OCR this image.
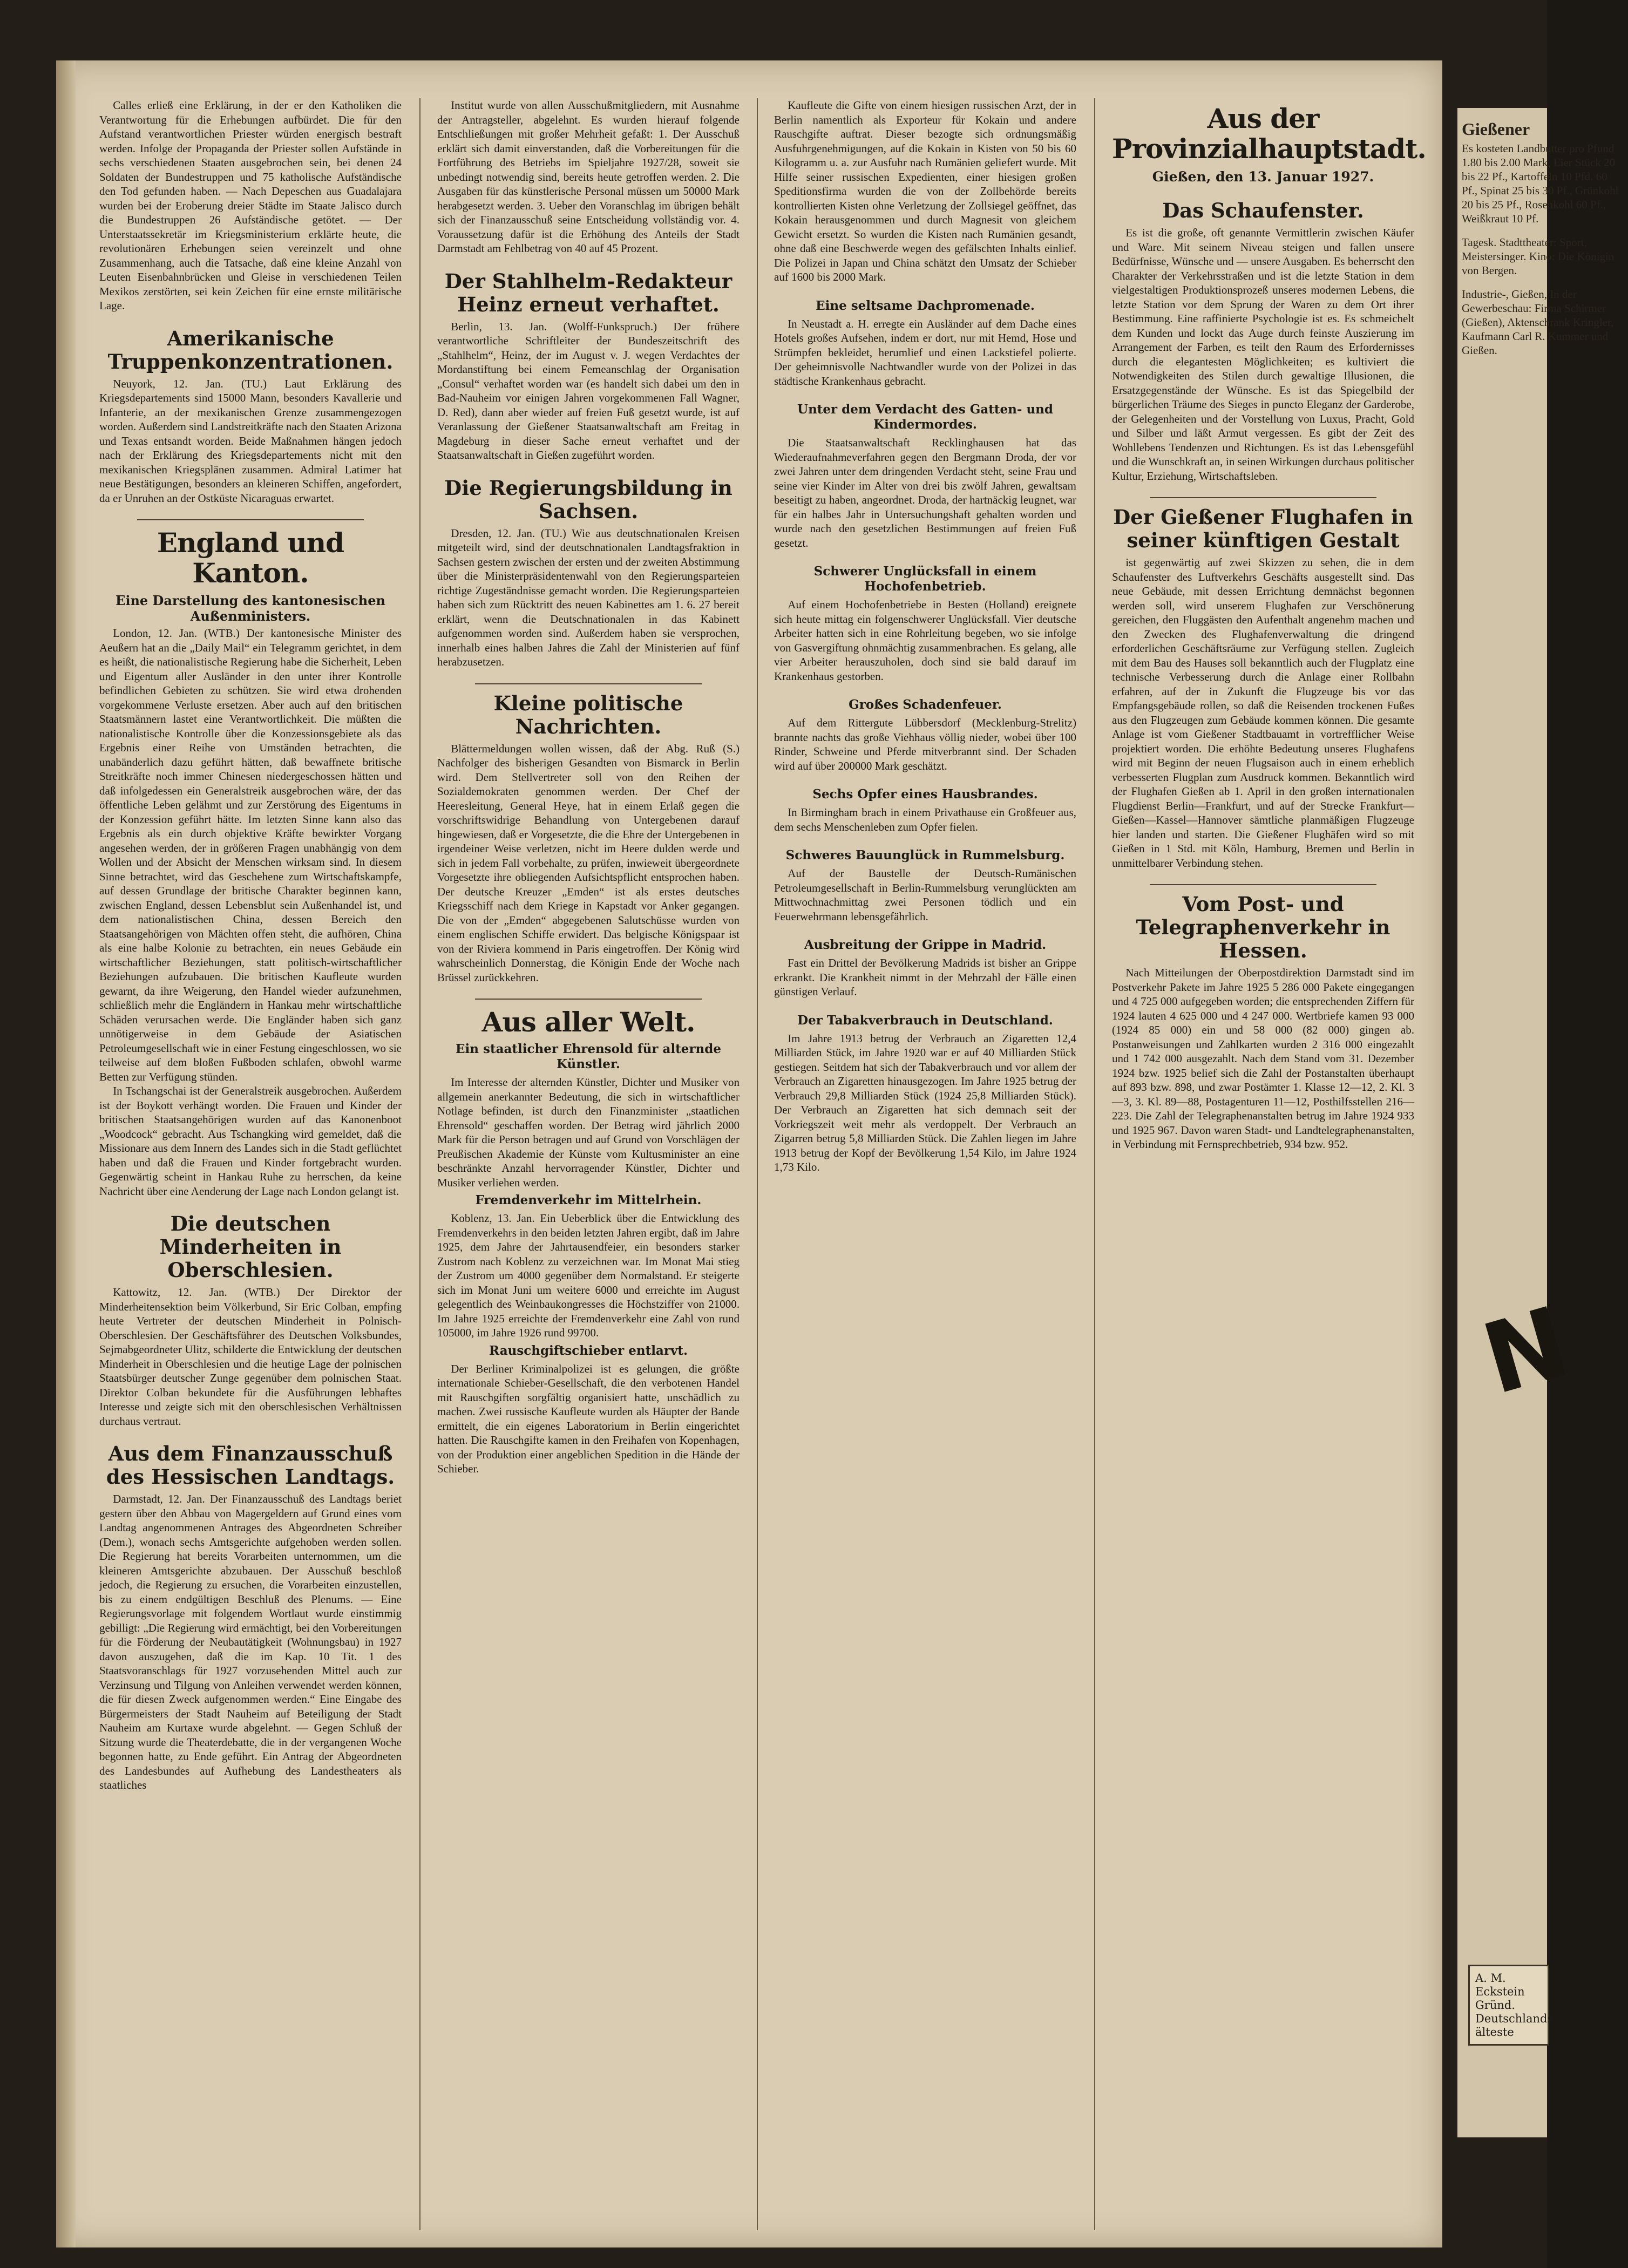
Calles erließ eine Erklärung, in der er den Katholiken die Verantwortung für die Erhebungen aufbürdet. Die für den Aufstand verantwortlichen Priester würden energisch bestraft werden. Infolge der Propaganda der Priester sollen Aufstände in sechs verschiedenen Staaten ausgebrochen sein, bei denen 24 Soldaten der Bundestruppen und 75 katholische Aufständische den Tod gefunden haben. — Nach Depeschen aus Guadalajara wurden bei der Eroberung dreier Städte im Staate Jalisco durch die Bundestruppen 26 Aufständische getötet. — Der Unterstaatssekretär im Kriegsministerium erklärte heute, die revolutionären Erhebungen seien vereinzelt und ohne Zusammenhang, auch die Tatsache, daß eine kleine Anzahl von Leuten Eisenbahnbrücken und Gleise in verschiedenen Teilen Mexikos zerstörten, sei kein Zeichen für eine ernste militärische Lage.

Amerikanische Truppenkonzentrationen.

Neuyork, 12. Jan. (TU.) Laut Erklärung des Kriegsdepartements sind 15000 Mann, besonders Kavallerie und Infanterie, an der mexikanischen Grenze zusammengezogen worden. Außerdem sind Landstreitkräfte nach den Staaten Arizona und Texas entsandt worden. Beide Maßnahmen hängen jedoch nach der Erklärung des Kriegsdepartements nicht mit den mexikanischen Kriegsplänen zusammen. Admiral Latimer hat neue Bestätigungen, besonders an kleineren Schiffen, angefordert, da er Unruhen an der Ostküste Nicaraguas erwartet.

England und Kanton.
Eine Darstellung des kantonesischen Außenministers.

London, 12. Jan. (WTB.) Der kantonesische Minister des Aeußern hat an die „Daily Mail“ ein Telegramm gerichtet, in dem es heißt, die nationalistische Regierung habe die Sicherheit, Leben und Eigentum aller Ausländer in den unter ihrer Kontrolle befindlichen Gebieten zu schützen. Sie wird etwa drohenden vorgekommene Verluste ersetzen. Aber auch auf den britischen Staatsmännern lastet eine Verantwortlichkeit. Die müßten die nationalistische Kontrolle über die Konzessionsgebiete als das Ergebnis einer Reihe von Umständen betrachten, die unabänderlich dazu geführt hätten, daß bewaffnete britische Streitkräfte noch immer Chinesen niedergeschossen hätten und daß infolgedessen ein Generalstreik ausgebrochen wäre, der das öffentliche Leben gelähmt und zur Zerstörung des Eigentums in der Konzession geführt hätte. Im letzten Sinne kann also das Ergebnis als ein durch objektive Kräfte bewirkter Vorgang angesehen werden, der in größeren Fragen unabhängig von dem Wollen und der Absicht der Menschen wirksam sind. In diesem Sinne betrachtet, wird das Geschehene zum Wirtschaftskampfe, auf dessen Grundlage der britische Charakter beginnen kann, zwischen England, dessen Lebensblut sein Außenhandel ist, und dem nationalistischen China, dessen Bereich den Staatsangehörigen von Mächten offen steht, die aufhören, China als eine halbe Kolonie zu betrachten, ein neues Gebäude ein wirtschaftlicher Beziehungen, statt politisch-wirtschaftlicher Beziehungen aufzubauen. Die britischen Kaufleute wurden gewarnt, da ihre Weigerung, den Handel wieder aufzunehmen, schließlich mehr die Engländern in Hankau mehr wirtschaftliche Schäden verursachen werde. Die Engländer haben sich ganz unnötigerweise in dem Gebäude der Asiatischen Petroleumgesellschaft wie in einer Festung eingeschlossen, wo sie teilweise auf dem bloßen Fußboden schlafen, obwohl warme Betten zur Verfügung stünden.

In Tschangschai ist der Generalstreik ausgebrochen. Außerdem ist der Boykott verhängt worden. Die Frauen und Kinder der britischen Staatsangehörigen wurden auf das Kanonenboot „Woodcock“ gebracht. Aus Tschangking wird gemeldet, daß die Missionare aus dem Innern des Landes sich in die Stadt geflüchtet haben und daß die Frauen und Kinder fortgebracht wurden. Gegenwärtig scheint in Hankau Ruhe zu herrschen, da keine Nachricht über eine Aenderung der Lage nach London gelangt ist.

Die deutschen Minderheiten in Oberschlesien.

Kattowitz, 12. Jan. (WTB.) Der Direktor der Minderheitensektion beim Völkerbund, Sir Eric Colban, empfing heute Vertreter der deutschen Minderheit in Polnisch-Oberschlesien. Der Geschäftsführer des Deutschen Volksbundes, Sejmabgeordneter Ulitz, schilderte die Entwicklung der deutschen Minderheit in Oberschlesien und die heutige Lage der polnischen Staatsbürger deutscher Zunge gegenüber dem polnischen Staat. Direktor Colban bekundete für die Ausführungen lebhaftes Interesse und zeigte sich mit den oberschlesischen Verhältnissen durchaus vertraut.

Aus dem Finanzausschuß des Hessischen Landtags.

Darmstadt, 12. Jan. Der Finanzausschuß des Landtags beriet gestern über den Abbau von Magergeldern auf Grund eines vom Landtag angenommenen Antrages des Abgeordneten Schreiber (Dem.), wonach sechs Amtsgerichte aufgehoben werden sollen. Die Regierung hat bereits Vorarbeiten unternommen, um die kleineren Amtsgerichte abzubauen. Der Ausschuß beschloß jedoch, die Regierung zu ersuchen, die Vorarbeiten einzustellen, bis zu einem endgültigen Beschluß des Plenums. — Eine Regierungsvorlage mit folgendem Wortlaut wurde einstimmig gebilligt: „Die Regierung wird ermächtigt, bei den Vorbereitungen für die Förderung der Neubautätigkeit (Wohnungsbau) in 1927 davon auszugehen, daß die im Kap. 10 Tit. 1 des Staatsvoranschlags für 1927 vorzusehenden Mittel auch zur Verzinsung und Tilgung von Anleihen verwendet werden können, die für diesen Zweck aufgenommen werden.“ Eine Eingabe des Bürgermeisters der Stadt Nauheim auf Beteiligung der Stadt Nauheim am Kurtaxe wurde abgelehnt. — Gegen Schluß der Sitzung wurde die Theaterdebatte, die in der vergangenen Woche begonnen hatte, zu Ende geführt. Ein Antrag der Abgeordneten des Landesbundes auf Aufhebung des Landestheaters als staatliches

Institut wurde von allen Ausschußmitgliedern, mit Ausnahme der Antragsteller, abgelehnt. Es wurden hierauf folgende Entschließungen mit großer Mehrheit gefaßt: 1. Der Ausschuß erklärt sich damit einverstanden, daß die Vorbereitungen für die Fortführung des Betriebs im Spieljahre 1927/28, soweit sie unbedingt notwendig sind, bereits heute getroffen werden. 2. Die Ausgaben für das künstlerische Personal müssen um 50000 Mark herabgesetzt werden. 3. Ueber den Voranschlag im übrigen behält sich der Finanzausschuß seine Entscheidung vollständig vor. 4. Voraussetzung dafür ist die Erhöhung des Anteils der Stadt Darmstadt am Fehlbetrag von 40 auf 45 Prozent.

Der Stahlhelm-Redakteur Heinz erneut verhaftet.

Berlin, 13. Jan. (Wolff-Funkspruch.) Der frühere verantwortliche Schriftleiter der Bundeszeitschrift des „Stahlhelm“, Heinz, der im August v. J. wegen Verdachtes der Mordanstiftung bei einem Femeanschlag der Organisation „Consul“ verhaftet worden war (es handelt sich dabei um den in Bad-Nauheim vor einigen Jahren vorgekommenen Fall Wagner, D. Red), dann aber wieder auf freien Fuß gesetzt wurde, ist auf Veranlassung der Gießener Staatsanwaltschaft am Freitag in Magdeburg in dieser Sache erneut verhaftet und der Staatsanwaltschaft in Gießen zugeführt worden.

Die Regierungsbildung in Sachsen.

Dresden, 12. Jan. (TU.) Wie aus deutschnationalen Kreisen mitgeteilt wird, sind der deutschnationalen Landtagsfraktion in Sachsen gestern zwischen der ersten und der zweiten Abstimmung über die Ministerpräsidentenwahl von den Regierungsparteien richtige Zugeständnisse gemacht worden. Die Regierungsparteien haben sich zum Rücktritt des neuen Kabinettes am 1. 6. 27 bereit erklärt, wenn die Deutschnationalen in das Kabinett aufgenommen worden sind. Außerdem haben sie versprochen, innerhalb eines halben Jahres die Zahl der Ministerien auf fünf herabzusetzen.

Kleine politische Nachrichten.

Blättermeldungen wollen wissen, daß der Abg. Ruß (S.) Nachfolger des bisherigen Gesandten von Bismarck in Berlin wird. Dem Stellvertreter soll von den Reihen der Sozialdemokraten genommen werden. Der Chef der Heeresleitung, General Heye, hat in einem Erlaß gegen die vorschriftswidrige Behandlung von Untergebenen darauf hingewiesen, daß er Vorgesetzte, die die Ehre der Untergebenen in irgendeiner Weise verletzen, nicht im Heere dulden werde und sich in jedem Fall vorbehalte, zu prüfen, inwieweit übergeordnete Vorgesetzte ihre obliegenden Aufsichtspflicht entsprochen haben. Der deutsche Kreuzer „Emden“ ist als erstes deutsches Kriegsschiff nach dem Kriege in Kapstadt vor Anker gegangen. Die von der „Emden“ abgegebenen Salutschüsse wurden von einem englischen Schiffe erwidert. Das belgische Königspaar ist von der Riviera kommend in Paris eingetroffen. Der König wird wahrscheinlich Donnerstag, die Königin Ende der Woche nach Brüssel zurückkehren.

Aus aller Welt.
Ein staatlicher Ehrensold für alternde Künstler.

Im Interesse der alternden Künstler, Dichter und Musiker von allgemein anerkannter Bedeutung, die sich in wirtschaftlicher Notlage befinden, ist durch den Finanzminister „staatlichen Ehrensold“ geschaffen worden. Der Betrag wird jährlich 2000 Mark für die Person betragen und auf Grund von Vorschlägen der Preußischen Akademie der Künste vom Kultusminister an eine beschränkte Anzahl hervorragender Künstler, Dichter und Musiker verliehen werden.

Fremdenverkehr im Mittelrhein.

Koblenz, 13. Jan. Ein Ueberblick über die Entwicklung des Fremdenverkehrs in den beiden letzten Jahren ergibt, daß im Jahre 1925, dem Jahre der Jahrtausendfeier, ein besonders starker Zustrom nach Koblenz zu verzeichnen war. Im Monat Mai stieg der Zustrom um 4000 gegenüber dem Normalstand. Er steigerte sich im Monat Juni um weitere 6000 und erreichte im August gelegentlich des Weinbaukongresses die Höchstziffer von 21000. Im Jahre 1925 erreichte der Fremdenverkehr eine Zahl von rund 105000, im Jahre 1926 rund 99700.

Rauschgiftschieber entlarvt.

Der Berliner Kriminalpolizei ist es gelungen, die größte internationale Schieber-Gesellschaft, die den verbotenen Handel mit Rauschgiften sorgfältig organisiert hatte, unschädlich zu machen. Zwei russische Kaufleute wurden als Häupter der Bande ermittelt, die ein eigenes Laboratorium in Berlin eingerichtet hatten. Die Rauschgifte kamen in den Freihafen von Kopenhagen, von der Produktion einer angeblichen Spedition in die Hände der Schieber.

Kaufleute die Gifte von einem hiesigen russischen Arzt, der in Berlin namentlich als Exporteur für Kokain und andere Rauschgifte auftrat. Dieser bezogte sich ordnungsmäßig Ausfuhrgenehmigungen, auf die Kokain in Kisten von 50 bis 60 Kilogramm u. a. zur Ausfuhr nach Rumänien geliefert wurde. Mit Hilfe seiner russischen Expedienten, einer hiesigen großen Speditionsfirma wurden die von der Zollbehörde bereits kontrollierten Kisten ohne Verletzung der Zollsiegel geöffnet, das Kokain herausgenommen und durch Magnesit von gleichem Gewicht ersetzt. So wurden die Kisten nach Rumänien gesandt, ohne daß eine Beschwerde wegen des gefälschten Inhalts einlief. Die Polizei in Japan und China schätzt den Umsatz der Schieber auf 1600 bis 2000 Mark.

Eine seltsame Dachpromenade.

In Neustadt a. H. erregte ein Ausländer auf dem Dache eines Hotels großes Aufsehen, indem er dort, nur mit Hemd, Hose und Strümpfen bekleidet, herumlief und einen Lackstiefel polierte. Der geheimnisvolle Nachtwandler wurde von der Polizei in das städtische Krankenhaus gebracht.

Unter dem Verdacht des Gatten- und Kindermordes.

Die Staatsanwaltschaft Recklinghausen hat das Wiederaufnahmeverfahren gegen den Bergmann Droda, der vor zwei Jahren unter dem dringenden Verdacht steht, seine Frau und seine vier Kinder im Alter von drei bis zwölf Jahren, gewaltsam beseitigt zu haben, angeordnet. Droda, der hartnäckig leugnet, war für ein halbes Jahr in Untersuchungshaft gehalten worden und wurde nach den gesetzlichen Bestimmungen auf freien Fuß gesetzt.

Schwerer Unglücksfall in einem Hochofenbetrieb.

Auf einem Hochofenbetriebe in Besten (Holland) ereignete sich heute mittag ein folgenschwerer Unglücksfall. Vier deutsche Arbeiter hatten sich in eine Rohrleitung begeben, wo sie infolge von Gasvergiftung ohnmächtig zusammenbrachen. Es gelang, alle vier Arbeiter herauszuholen, doch sind sie bald darauf im Krankenhaus gestorben.

Großes Schadenfeuer.

Auf dem Rittergute Lübbersdorf (Mecklenburg-Strelitz) brannte nachts das große Viehhaus völlig nieder, wobei über 100 Rinder, Schweine und Pferde mitverbrannt sind. Der Schaden wird auf über 200000 Mark geschätzt.

Sechs Opfer eines Hausbrandes.

In Birmingham brach in einem Privathause ein Großfeuer aus, dem sechs Menschenleben zum Opfer fielen.

Schweres Bauunglück in Rummelsburg.

Auf der Baustelle der Deutsch-Rumänischen Petroleumgesellschaft in Berlin-Rummelsburg verunglückten am Mittwochnachmittag zwei Personen tödlich und ein Feuerwehrmann lebensgefährlich.

Ausbreitung der Grippe in Madrid.

Fast ein Drittel der Bevölkerung Madrids ist bisher an Grippe erkrankt. Die Krankheit nimmt in der Mehrzahl der Fälle einen günstigen Verlauf.

Der Tabakverbrauch in Deutschland.

Im Jahre 1913 betrug der Verbrauch an Zigaretten 12,4 Milliarden Stück, im Jahre 1920 war er auf 40 Milliarden Stück gestiegen. Seitdem hat sich der Tabakverbrauch und vor allem der Verbrauch an Zigaretten hinausgezogen. Im Jahre 1925 betrug der Verbrauch 29,8 Milliarden Stück (1924 25,8 Milliarden Stück). Der Verbrauch an Zigaretten hat sich demnach seit der Vorkriegszeit weit mehr als verdoppelt. Der Verbrauch an Zigarren betrug 5,8 Milliarden Stück. Die Zahlen liegen im Jahre 1913 betrug der Kopf der Bevölkerung 1,54 Kilo, im Jahre 1924 1,73 Kilo.

Aus der Provinzialhauptstadt.
Gießen, den 13. Januar 1927.
Das Schaufenster.

Es ist die große, oft genannte Vermittlerin zwischen Käufer und Ware. Mit seinem Niveau steigen und fallen unsere Bedürfnisse, Wünsche und — unsere Ausgaben. Es beherrscht den Charakter der Verkehrsstraßen und ist die letzte Station in dem vielgestaltigen Produktionsprozeß unseres modernen Lebens, die letzte Station vor dem Sprung der Waren zu dem Ort ihrer Bestimmung. Eine raffinierte Psychologie ist es. Es schmeichelt dem Kunden und lockt das Auge durch feinste Auszierung im Arrangement der Farben, es teilt den Raum des Erfordernisses durch die elegantesten Möglichkeiten; es kultiviert die Notwendigkeiten des Stilen durch gewaltige Illusionen, die Ersatzgegenstände der Wünsche. Es ist das Spiegelbild der bürgerlichen Träume des Sieges in puncto Eleganz der Garderobe, der Gelegenheiten und der Vorstellung von Luxus, Pracht, Gold und Silber und läßt Armut vergessen. Es gibt der Zeit des Wohllebens Tendenzen und Richtungen. Es ist das Lebensgefühl und die Wunschkraft an, in seinen Wirkungen durchaus politischer Kultur, Erziehung, Wirtschaftsleben.

Der Gießener Flughafen in seiner künftigen Gestalt

ist gegenwärtig auf zwei Skizzen zu sehen, die in dem Schaufenster des Luftverkehrs Geschäfts ausgestellt sind. Das neue Gebäude, mit dessen Errichtung demnächst begonnen werden soll, wird unserem Flughafen zur Verschönerung gereichen, den Fluggästen den Aufenthalt angenehm machen und den Zwecken des Flughafenverwaltung die dringend erforderlichen Geschäftsräume zur Verfügung stellen. Zugleich mit dem Bau des Hauses soll bekanntlich auch der Flugplatz eine technische Verbesserung durch die Anlage einer Rollbahn erfahren, auf der in Zukunft die Flugzeuge bis vor das Empfangsgebäude rollen, so daß die Reisenden trockenen Fußes aus den Flugzeugen zum Gebäude kommen können. Die gesamte Anlage ist vom Gießener Stadtbauamt in vortrefflicher Weise projektiert worden. Die erhöhte Bedeutung unseres Flughafens wird mit Beginn der neuen Flugsaison auch in einem erheblich verbesserten Flugplan zum Ausdruck kommen. Bekanntlich wird der Flughafen Gießen ab 1. April in den großen internationalen Flugdienst Berlin—Frankfurt, und auf der Strecke Frankfurt—Gießen—Kassel—Hannover sämtliche planmäßigen Flugzeuge hier landen und starten. Die Gießener Flughäfen wird so mit Gießen in 1 Std. mit Köln, Hamburg, Bremen und Berlin in unmittelbarer Verbindung stehen.

Vom Post- und Telegraphenverkehr in Hessen.

Nach Mitteilungen der Oberpostdirektion Darmstadt sind im Postverkehr Pakete im Jahre 1925 5 286 000 Pakete eingegangen und 4 725 000 aufgegeben worden; die entsprechenden Ziffern für 1924 lauten 4 625 000 und 4 247 000. Wertbriefe kamen 93 000 (1924 85 000) ein und 58 000 (82 000) gingen ab. Postanweisungen und Zahlkarten wurden 2 316 000 eingezahlt und 1 742 000 ausgezahlt. Nach dem Stand vom 31. Dezember 1924 bzw. 1925 belief sich die Zahl der Postanstalten überhaupt auf 893 bzw. 898, und zwar Postämter 1. Klasse 12—12, 2. Kl. 3—3, 3. Kl. 89—88, Postagenturen 11—12, Posthilfsstellen 216—223. Die Zahl der Telegraphenanstalten betrug im Jahre 1924 933 und 1925 967. Davon waren Stadt- und Landtelegraphenanstalten, in Verbindung mit Fernsprechbetrieb, 934 bzw. 952.

Gießener
Es kosteten Landbutter pro Pfund 1.80 bis 2.00 Mark, Eier Stück 20 bis 22 Pf., Kartoffeln 10 Pfd. 60 Pf., Spinat 25 bis 30 Pf., Grünkohl 20 bis 25 Pf., Rosenkohl 60 Pf., Weißkraut 10 Pf.
Tagesk. Stadttheater: Sport, Meistersinger. Kino: Die Königin von Bergen.
Industrie-, Gießen, In der Gewerbeschau: Firma Schirmer (Gießen), Aktenschrank Kringler, Kaufmann Carl R. Kummer und Gießen.
N
A. M. Eckstein
Gründ. Deutschlands älteste
